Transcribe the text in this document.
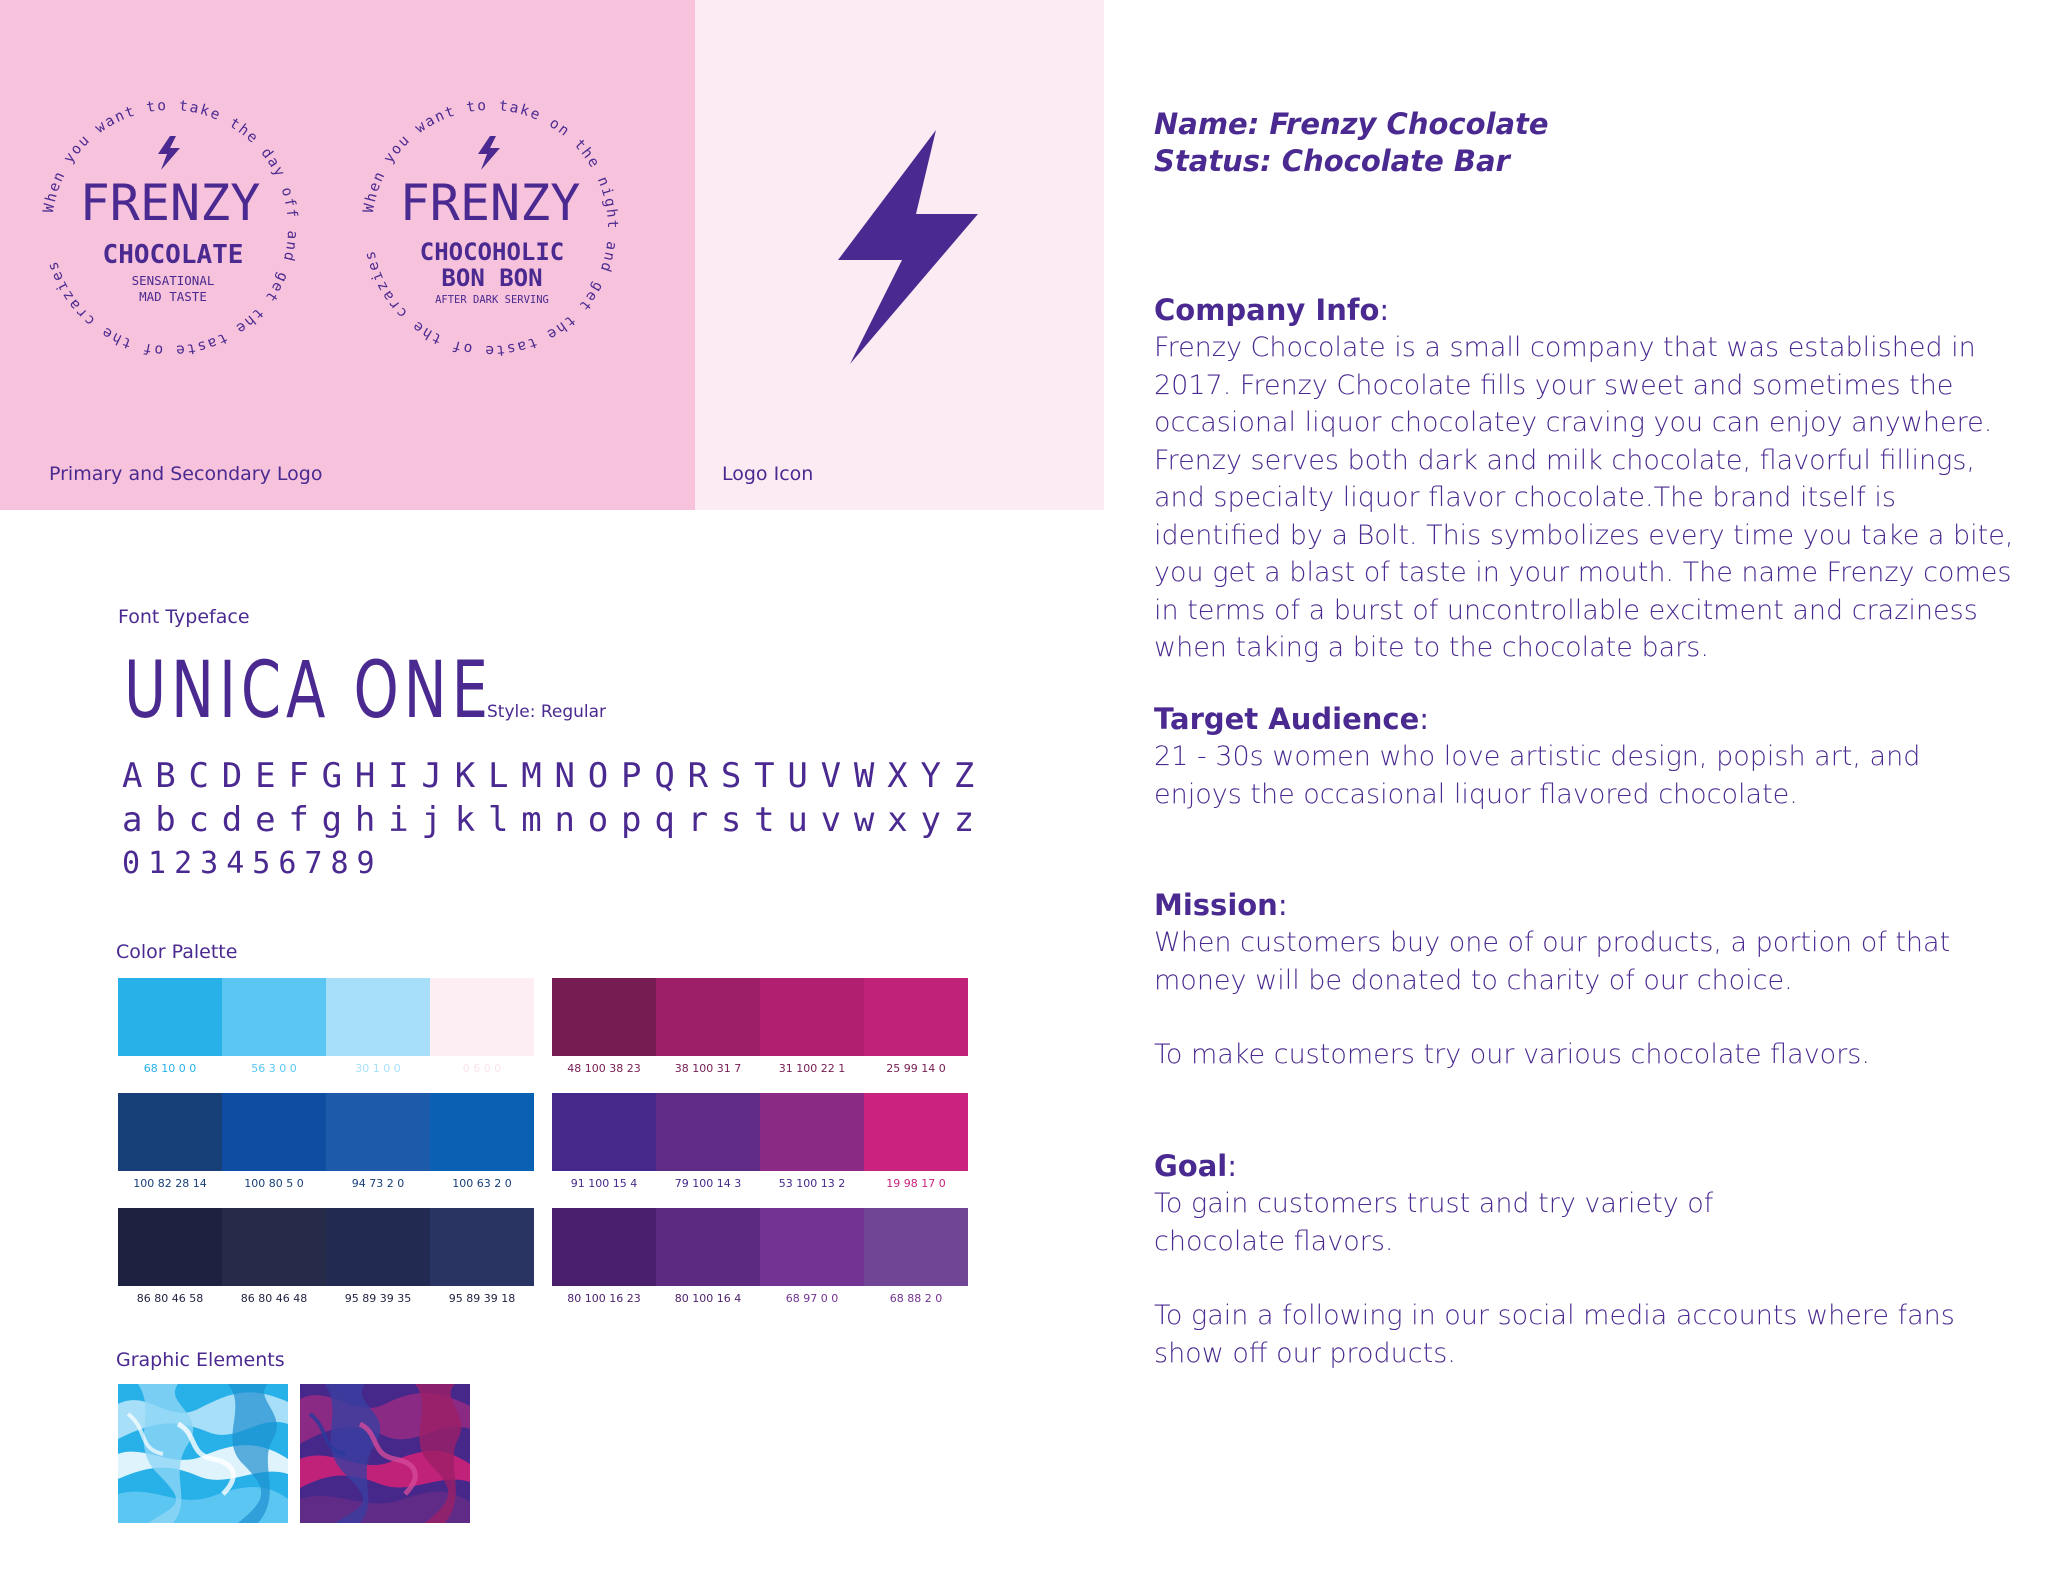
When you want to take the day off and get the taste of the crazies
FRENZY
CHOCOLATE
SENSATIONAL
MAD TASTE
When you want to take on the night and get the taste of the crazies
FRENZY
CHOCOHOLIC
BON BON
AFTER DARK SERVING
Primary and Secondary Logo	Logo Icon
Font Typeface
UNICA ONE
Style: Regular
ABCDEFGHIJKLMNOPQRSTUVWXYZ
abcdefghijklmnopqrstuvwxyz
0123456789
Color Palette
68 10 0 0	56 3 0 0	30 1 0 0	0 6 0 0
100 82 28 14	100 80 5 0	94 73 2 0	100 63 2 0
86 80 46 58	86 80 46 48	95 89 39 35	95 89 39 18
48 100 38 23	38 100 31 7	31 100 22 1	25 99 14 0
91 100 15 4	79 100 14 3	53 100 13 2	19 98 17 0
80 100 16 23	80 100 16 4	68 97 0 0	68 88 2 0
Graphic Elements

Name: Frenzy Chocolate

Status: Chocolate Bar

Company Info:

Frenzy Chocolate is a small company that was established in 2017. Frenzy Chocolate fills your sweet and sometimes the occasional liquor chocolatey craving you can enjoy anywhere. Frenzy serves both dark and milk chocolate, flavorful fillings, and specialty liquor flavor chocolate.The brand itself is identified by a Bolt. This symbolizes every time you take a bite, you get a blast of taste in your mouth. The name Frenzy comes in terms of a burst of uncontrollable excitment and craziness when taking a bite to the chocolate bars.

Target Audience:

21 - 30s women who love artistic design, popish art, and enjoys the occasional liquor flavored chocolate.

Mission:

When customers buy one of our products, a portion of that money will be donated to charity of our choice.

To make customers try our various chocolate flavors.

Goal:

To gain customers trust and try variety of chocolate flavors.

To gain a following in our social media accounts where fans show off our products.
